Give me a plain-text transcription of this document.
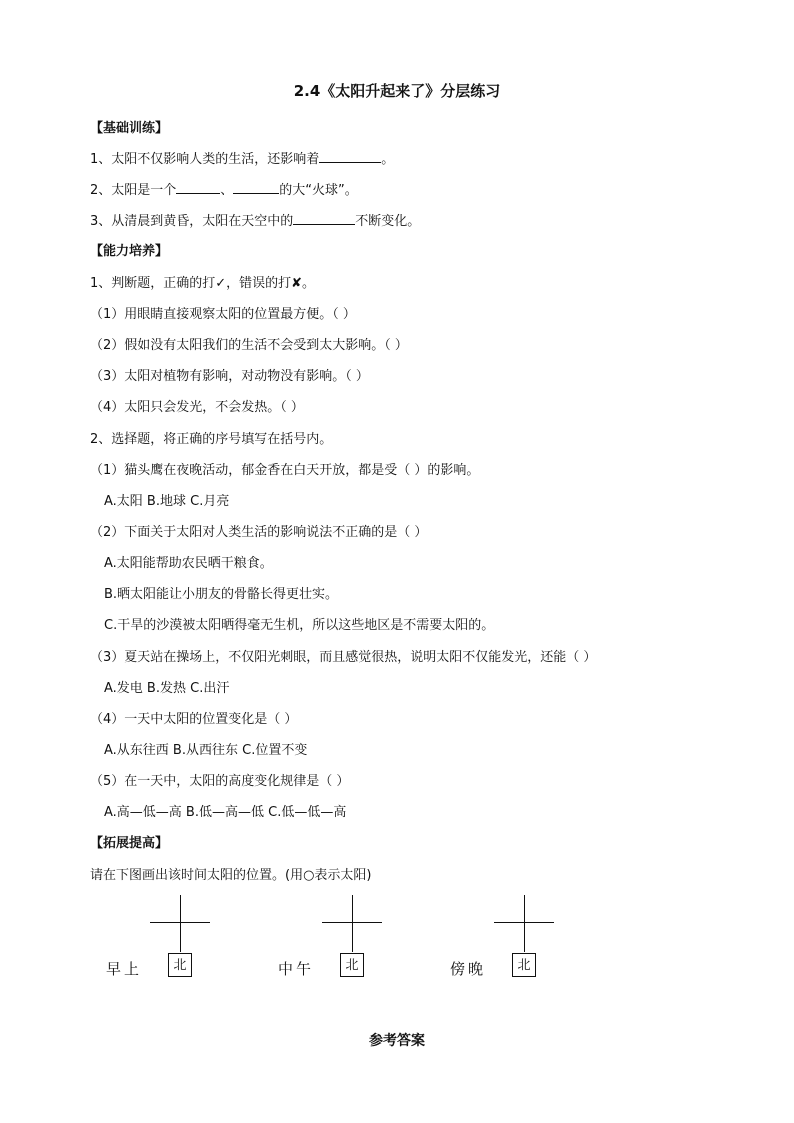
2.4《太阳升起来了》分层练习
【基础训练】
1、太阳不仅影响人类的生活，还影响着	。
2、太阳是一个	、	的大“火球”。
3、从清晨到黄昏，太阳在天空中的	不断变化。
【能力培养】
1、判断题，正确的打✓，错误的打✘。
（1）用眼睛直接观察太阳的位置最方便。（ ）
（2）假如没有太阳我们的生活不会受到太大影响。（ ）
（3）太阳对植物有影响，对动物没有影响。（ ）
（4）太阳只会发光，不会发热。（ ）
2、选择题，将正确的序号填写在括号内。
（1）猫头鹰在夜晚活动，郁金香在白天开放，都是受（ ）的影响。
A.太阳 B.地球 C.月亮
（2）下面关于太阳对人类生活的影响说法不正确的是（ ）
A.太阳能帮助农民晒干粮食。
B.晒太阳能让小朋友的骨骼长得更壮实。
C.干旱的沙漠被太阳晒得毫无生机，所以这些地区是不需要太阳的。
（3）夏天站在操场上，不仅阳光刺眼，而且感觉很热，说明太阳不仅能发光，还能（ ）
A.发电 B.发热 C.出汗
（4）一天中太阳的位置变化是（ ）
A.从东往西 B.从西往东 C.位置不变
（5）在一天中，太阳的高度变化规律是（ ）
A.高—低—高 B.低—高—低 C.低—低—高
【拓展提高】
请在下图画出该时间太阳的位置。(用○表示太阳)
早上	北	中午	北	傍晚	北
参考答案
